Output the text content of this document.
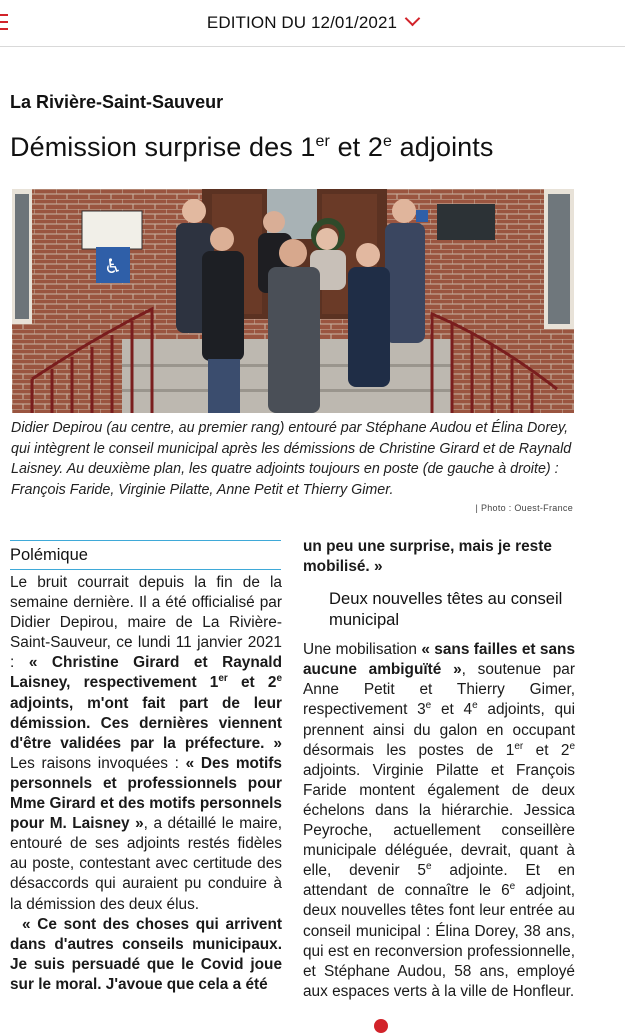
EDITION DU 12/01/2021
La Rivière-Saint-Sauveur
Démission surprise des 1er et 2e adjoints
♿
Didier Depirou (au centre, au premier rang) entouré par Stéphane Audou et Élina Dorey, qui intègrent le conseil municipal après les démissions de Christine Girard et de Raynald Laisney. Au deuxième plan, les quatre adjoints toujours en poste (de gauche à droite) : François Faride, Virginie Pilatte, Anne Petit et Thierry Gimer.
| Photo : Ouest-France
Polémique

Le bruit courrait depuis la fin de la semaine dernière. Il a été officialisé par Didier Depirou, maire de La Rivière-Saint-Sauveur, ce lundi 11 janvier 2021 : « Christine Girard et Raynald Laisney, respectivement 1er et 2e adjoints, m'ont fait part de leur démission. Ces dernières viennent d'être validées par la préfecture. » Les raisons invoquées : « Des motifs personnels et professionnels pour Mme Girard et des motifs personnels pour M. Laisney », a détaillé le maire, entouré de ses adjoints restés fidèles au poste, contestant avec certitude des désaccords qui auraient pu conduire à la démission des deux élus.

« Ce sont des choses qui arrivent dans d'autres conseils municipaux. Je suis persuadé que le Covid joue sur le moral. J'avoue que cela a été

un peu une surprise, mais je reste mobilisé. »

Deux nouvelles têtes au conseil municipal

Une mobilisation « sans failles et sans aucune ambiguïté », soutenue par Anne Petit et Thierry Gimer, respectivement 3e et 4e adjoints, qui prennent ainsi du galon en occupant désormais les postes de 1er et 2e adjoints. Virginie Pilatte et François Faride montent également de deux échelons dans la hiérarchie. Jessica Peyroche, actuellement conseillère municipale déléguée, devrait, quant à elle, devenir 5e adjointe. Et en attendant de connaître le 6e adjoint, deux nouvelles têtes font leur entrée au conseil municipal : Élina Dorey, 38 ans, qui est en reconversion professionnelle, et Stéphane Audou, 58 ans, employé aux espaces verts à la ville de Honfleur.
